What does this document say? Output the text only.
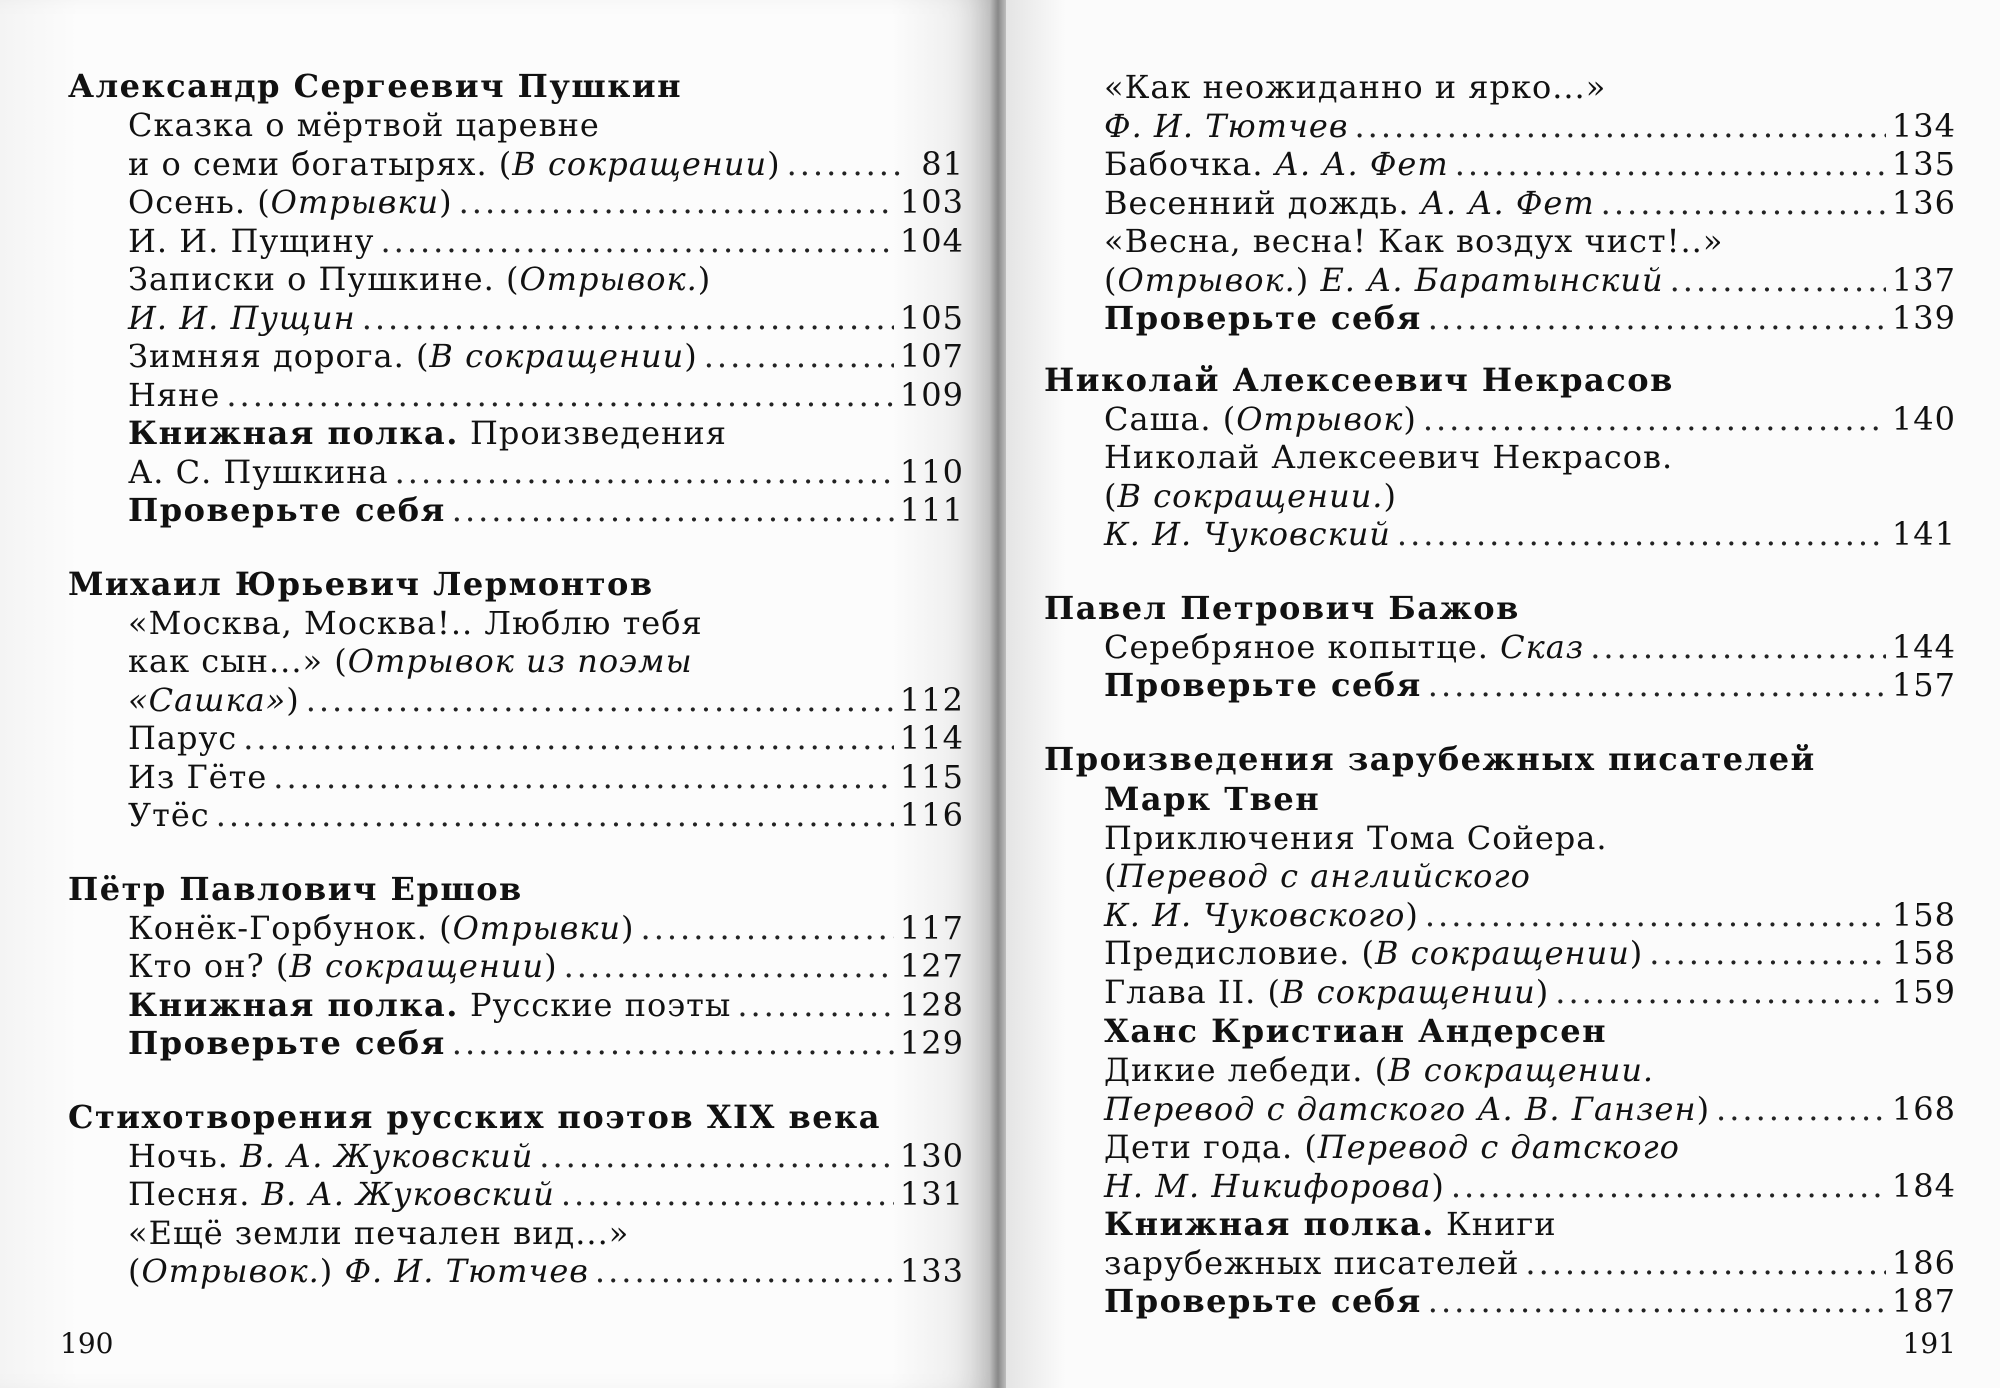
Александр Сергеевич Пушкин
Сказка о мёртвой царевне
и о семи богатырях. (В сокращении) .....	81
Осень. (Отрывки) .....	103
И. И. Пущину .....	104
Записки о Пушкине. (Отрывок.)
И. И. Пущин .....	105
Зимняя дорога. (В сокращении) .....	107
Няне .....	109
Книжная полка. Произведения
А. С. Пушкина .....	110
Проверьте себя .....	111
Михаил Юрьевич Лермонтов
«Москва, Москва!.. Люблю тебя
как сын...» (Отрывок из поэмы
«Сашка») .....	112
Парус .....	114
Из Гёте .....	115
Утёс .....	116
Пётр Павлович Ершов
Конёк-Горбунок. (Отрывки) .....	117
Кто он? (В сокращении) .....	127
Книжная полка. Русские поэты .....	128
Проверьте себя .....	129
Стихотворения русских поэтов XIX века
Ночь. В. А. Жуковский .....	130
Песня. В. А. Жуковский .....	131
«Ещё земли печален вид...»
(Отрывок.) Ф. И. Тютчев .....	133
190
«Как неожиданно и ярко...»
Ф. И. Тютчев .....	134
Бабочка. А. А. Фет .....	135
Весенний дождь. А. А. Фет .....	136
«Весна, весна! Как воздух чист!..»
(Отрывок.) Е. А. Баратынский .....	137
Проверьте себя .....	139
Николай Алексеевич Некрасов
Саша. (Отрывок) .....	140
Николай Алексеевич Некрасов.
(В сокращении.)
К. И. Чуковский .....	141
Павел Петрович Бажов
Серебряное копытце. Сказ .....	144
Проверьте себя .....	157
Произведения зарубежных писателей
Марк Твен
Приключения Тома Сойера.
(Перевод с английского
К. И. Чуковского) .....	158
Предисловие. (В сокращении) .....	158
Глава II. (В сокращении) .....	159
Ханс Кристиан Андерсен
Дикие лебеди. (В сокращении.
Перевод с датского А. В. Ганзен) .....	168
Дети года. (Перевод с датского
Н. М. Никифорова) .....	184
Книжная полка. Книги
зарубежных писателей .....	186
Проверьте себя .....	187
191
